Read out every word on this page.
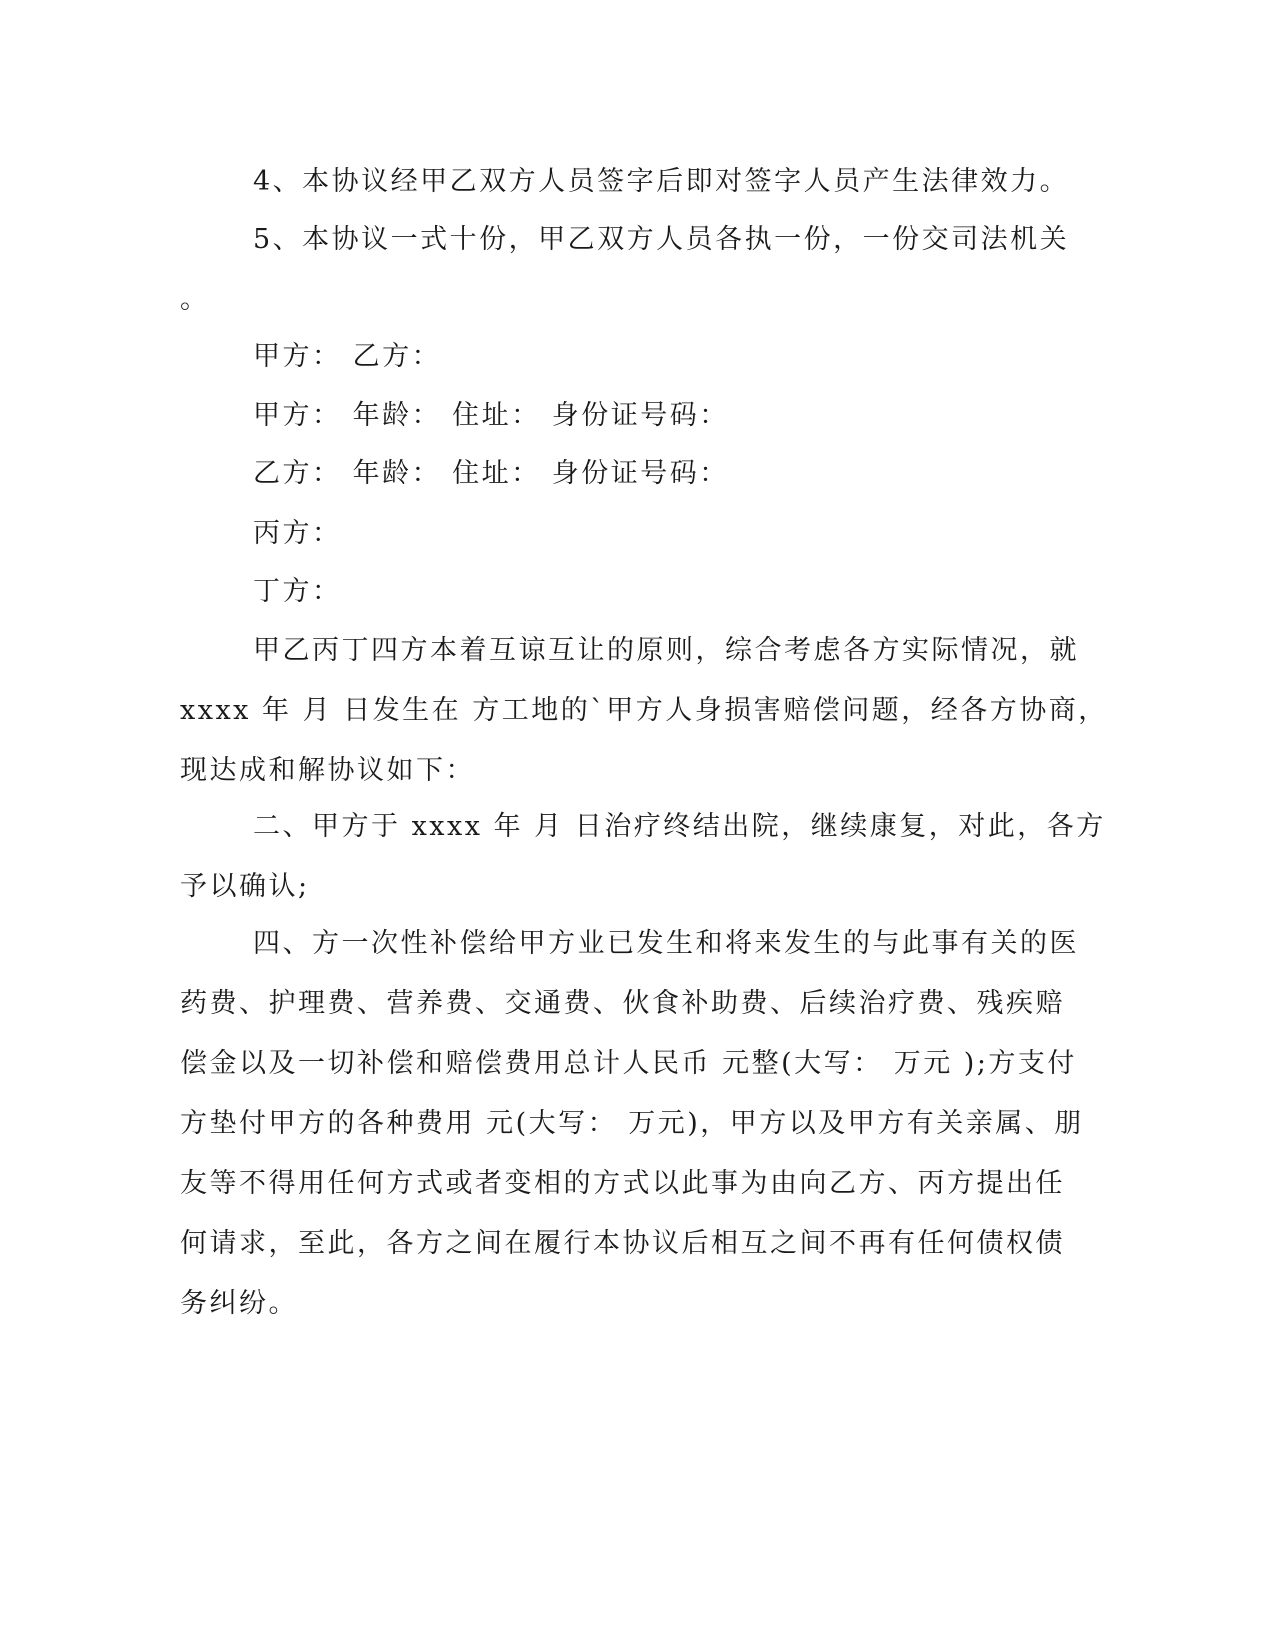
4、本协议经甲乙双方人员签字后即对签字人员产生法律效力。
5、本协议一式十份，甲乙双方人员各执一份，一份交司法机关
。
甲方： 乙方：
甲方： 年龄： 住址： 身份证号码：
乙方： 年龄： 住址： 身份证号码：
丙方：
丁方：
甲乙丙丁四方本着互谅互让的原则，综合考虑各方实际情况，就
xxxx 年 月 日发生在 方工地的`甲方人身损害赔偿问题，经各方协商，
现达成和解协议如下：
二、甲方于 xxxx 年 月 日治疗终结出院，继续康复，对此，各方
予以确认;
四、方一次性补偿给甲方业已发生和将来发生的与此事有关的医
药费、护理费、营养费、交通费、伙食补助费、后续治疗费、残疾赔
偿金以及一切补偿和赔偿费用总计人民币 元整(大写： 万元 );方支付
方垫付甲方的各种费用 元(大写： 万元)，甲方以及甲方有关亲属、朋
友等不得用任何方式或者变相的方式以此事为由向乙方、丙方提出任
何请求，至此，各方之间在履行本协议后相互之间不再有任何债权债
务纠纷。
